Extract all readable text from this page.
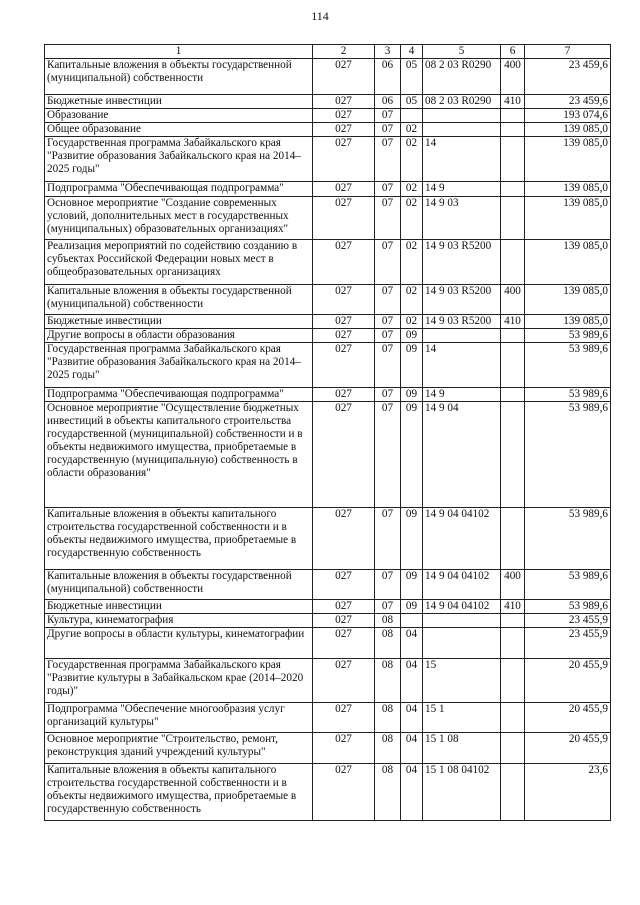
114
1	2	3	4	5	6	7
Капитальные вложения в объекты государственной (муниципальной) собственности	027	06	05	08 2 03 R0290	400	23 459,6
Бюджетные инвестиции	027	06	05	08 2 03 R0290	410	23 459,6
Образование	027	07				193 074,6
Общее образование	027	07	02			139 085,0
Государственная программа Забайкальского края "Развитие образования Забайкальского края на 2014–2025 годы"	027	07	02	14		139 085,0
Подпрограмма "Обеспечивающая подпрограмма"	027	07	02	14 9		139 085,0
Основное мероприятие "Создание современных условий, дополнительных мест в государственных (муниципальных) образовательных организациях"	027	07	02	14 9 03		139 085,0
Реализация мероприятий по содействию созданию в субъектах Российской Федерации новых мест в общеобразовательных организациях	027	07	02	14 9 03 R5200		139 085,0
Капитальные вложения в объекты государственной (муниципальной) собственности	027	07	02	14 9 03 R5200	400	139 085,0
Бюджетные инвестиции	027	07	02	14 9 03 R5200	410	139 085,0
Другие вопросы в области образования	027	07	09			53 989,6
Государственная программа Забайкальского края "Развитие образования Забайкальского края на 2014–2025 годы"	027	07	09	14		53 989,6
Подпрограмма "Обеспечивающая подпрограмма"	027	07	09	14 9		53 989,6
Основное мероприятие "Осуществление бюджетных инвестиций в объекты капитального строительства государственной (муниципальной) собственности и в объекты недвижимого имущества, приобретаемые в государственную (муниципальную) собственность в области образования"	027	07	09	14 9 04		53 989,6
Капитальные вложения в объекты капитального строительства государственной собственности и в объекты недвижимого имущества, приобретаемые в государственную собственность	027	07	09	14 9 04 04102		53 989,6
Капитальные вложения в объекты государственной (муниципальной) собственности	027	07	09	14 9 04 04102	400	53 989,6
Бюджетные инвестиции	027	07	09	14 9 04 04102	410	53 989,6
Культура, кинематография	027	08				23 455,9
Другие вопросы в области культуры, кинематографии	027	08	04			23 455,9
Государственная программа Забайкальского края "Развитие культуры в Забайкальском крае (2014–2020 годы)"	027	08	04	15		20 455,9
Подпрограмма "Обеспечение многообразия услуг организаций культуры"	027	08	04	15 1		20 455,9
Основное мероприятие "Строительство, ремонт, реконструкция зданий учреждений культуры"	027	08	04	15 1 08		20 455,9
Капитальные вложения в объекты капитального строительства государственной собственности и в объекты недвижимого имущества, приобретаемые в государственную собственность	027	08	04	15 1 08 04102		23,6
